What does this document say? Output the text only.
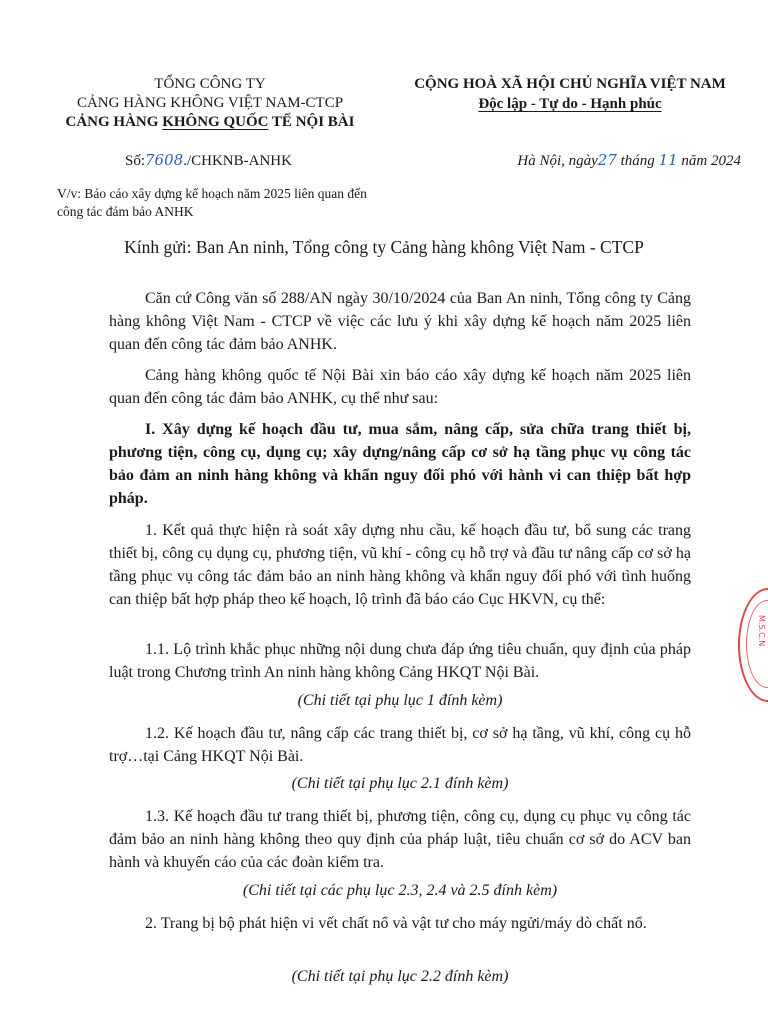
TỔNG CÔNG TY
CẢNG HÀNG KHÔNG VIỆT NAM-CTCP
CẢNG HÀNG KHÔNG QUỐC TẾ NỘI BÀI
CỘNG HOÀ XÃ HỘI CHỦ NGHĨA VIỆT NAM
Độc lập - Tự do - Hạnh phúc
Số:7608./CHKNB-ANHK	Hà Nội, ngày27 tháng 11 năm 2024
V/v: Báo cáo xây dựng kế hoạch năm 2025 liên quan đến công tác đảm bảo ANHK
Kính gửi: Ban An ninh, Tổng công ty Cảng hàng không Việt Nam - CTCP
Căn cứ Công văn số 288/AN ngày 30/10/2024 của Ban An ninh, Tổng công ty Cảng hàng không Việt Nam - CTCP về việc các lưu ý khi xây dựng kế hoạch năm 2025 liên quan đến công tác đảm bảo ANHK.
Cảng hàng không quốc tế Nội Bài xin báo cáo xây dựng kế hoạch năm 2025 liên quan đến công tác đảm bảo ANHK, cụ thể như sau:
I. Xây dựng kế hoạch đầu tư, mua sắm, nâng cấp, sửa chữa trang thiết bị, phương tiện, công cụ, dụng cụ; xây dựng/nâng cấp cơ sở hạ tầng phục vụ công tác bảo đảm an ninh hàng không và khẩn nguy đối phó với hành vi can thiệp bất hợp pháp.
1. Kết quả thực hiện rà soát xây dựng nhu cầu, kế hoạch đầu tư, bổ sung các trang thiết bị, công cụ dụng cụ, phương tiện, vũ khí - công cụ hỗ trợ và đầu tư nâng cấp cơ sở hạ tầng phục vụ công tác đảm bảo an ninh hàng không và khẩn nguy đối phó với tình huống can thiệp bất hợp pháp theo kế hoạch, lộ trình đã báo cáo Cục HKVN, cụ thể:
1.1. Lộ trình khắc phục những nội dung chưa đáp ứng tiêu chuẩn, quy định của pháp luật trong Chương trình An ninh hàng không Cảng HKQT Nội Bài.
(Chi tiết tại phụ lục 1 đính kèm)
1.2. Kế hoạch đầu tư, nâng cấp các trang thiết bị, cơ sở hạ tầng, vũ khí, công cụ hỗ trợ…tại Cảng HKQT Nội Bài.
(Chi tiết tại phụ lục 2.1 đính kèm)
1.3. Kế hoạch đầu tư trang thiết bị, phương tiện, công cụ, dụng cụ phục vụ công tác đảm bảo an ninh hàng không theo quy định của pháp luật, tiêu chuẩn cơ sở do ACV ban hành và khuyến cáo của các đoàn kiểm tra.
(Chi tiết tại các phụ lục 2.3, 2.4 và 2.5 đính kèm)
2. Trang bị bộ phát hiện vi vết chất nổ và vật tư cho máy ngửi/máy dò chất nổ.
(Chi tiết tại phụ lục 2.2 đính kèm)
M.S.C.N
